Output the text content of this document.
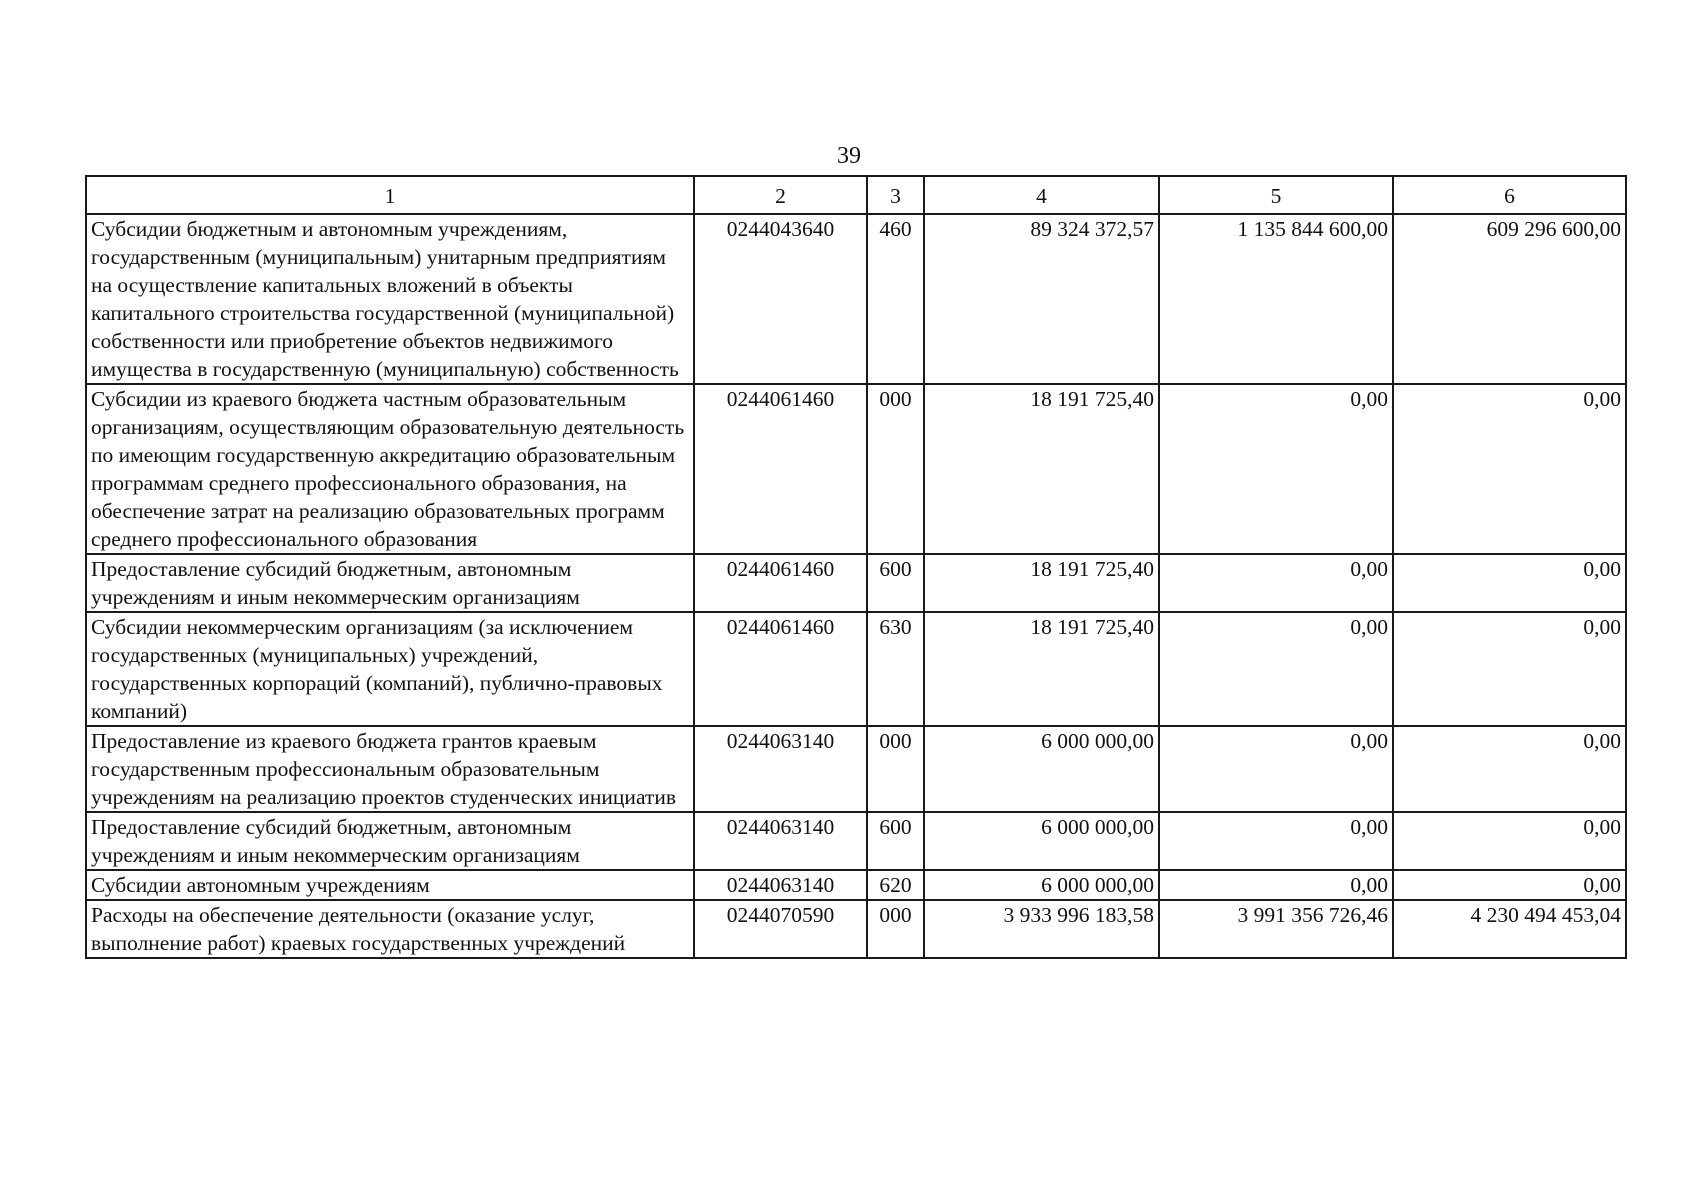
39
1	2	3	4	5	6
Субсидии бюджетным и автономным учреждениям, государственным (муниципальным) унитарным предприятиям на осуществление капитальных вложений в объекты капитального строительства государственной (муниципальной) собственности или приобретение объектов недвижимого имущества в государственную (муниципальную) собственность	0244043640	460	89 324 372,57	1 135 844 600,00	609 296 600,00
Субсидии из краевого бюджета частным образовательным организациям, осуществляющим образовательную деятельность по имеющим государственную аккредитацию образовательным программам среднего профессионального образования, на обеспечение затрат на реализацию образовательных программ среднего профессионального образования	0244061460	000	18 191 725,40	0,00	0,00
Предоставление субсидий бюджетным, автономным учреждениям и иным некоммерческим организациям	0244061460	600	18 191 725,40	0,00	0,00
Субсидии некоммерческим организациям (за исключением государственных (муниципальных) учреждений, государственных корпораций (компаний), публично-правовых компаний)	0244061460	630	18 191 725,40	0,00	0,00
Предоставление из краевого бюджета грантов краевым государственным профессиональным образовательным учреждениям на реализацию проектов студенческих инициатив	0244063140	000	6 000 000,00	0,00	0,00
Предоставление субсидий бюджетным, автономным учреждениям и иным некоммерческим организациям	0244063140	600	6 000 000,00	0,00	0,00
Субсидии автономным учреждениям	0244063140	620	6 000 000,00	0,00	0,00
Расходы на обеспечение деятельности (оказание услуг, выполнение работ) краевых государственных учреждений	0244070590	000	3 933 996 183,58	3 991 356 726,46	4 230 494 453,04
